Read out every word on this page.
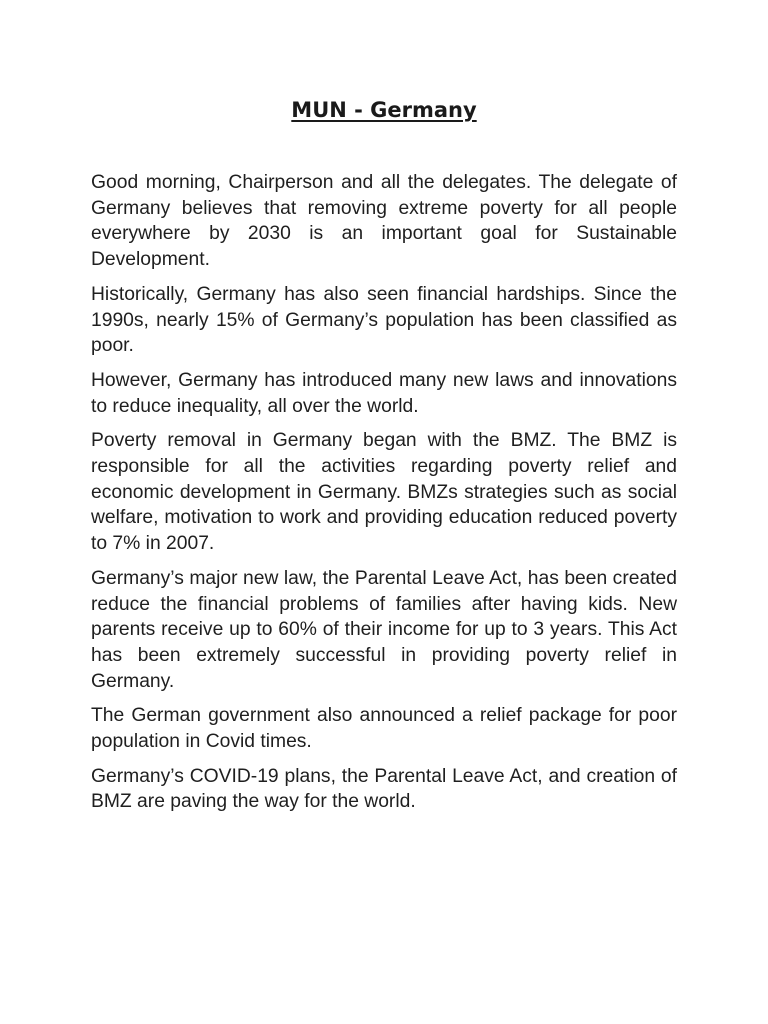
MUN - Germany

Good morning, Chairperson and all the delegates. The delegate of Germany believes that removing extreme poverty for all people everywhere by 2030 is an important goal for Sustainable Development.

Historically, Germany has also seen financial hardships. Since the 1990s, nearly 15% of Germany’s population has been classified as poor.

However, Germany has introduced many new laws and innovations to reduce inequality, all over the world.

Poverty removal in Germany began with the BMZ. The BMZ is responsible for all the activities regarding poverty relief and economic development in Germany. BMZs strategies such as social welfare, motivation to work and providing education reduced poverty to 7% in 2007.

Germany’s major new law, the Parental Leave Act, has been created reduce the financial problems of families after having kids. New parents receive up to 60% of their income for up to 3 years. This Act has been extremely successful in providing poverty relief in Germany.

The German government also announced a relief package for poor population in Covid times.

Germany’s COVID-19 plans, the Parental Leave Act, and creation of BMZ are paving the way for the world.
